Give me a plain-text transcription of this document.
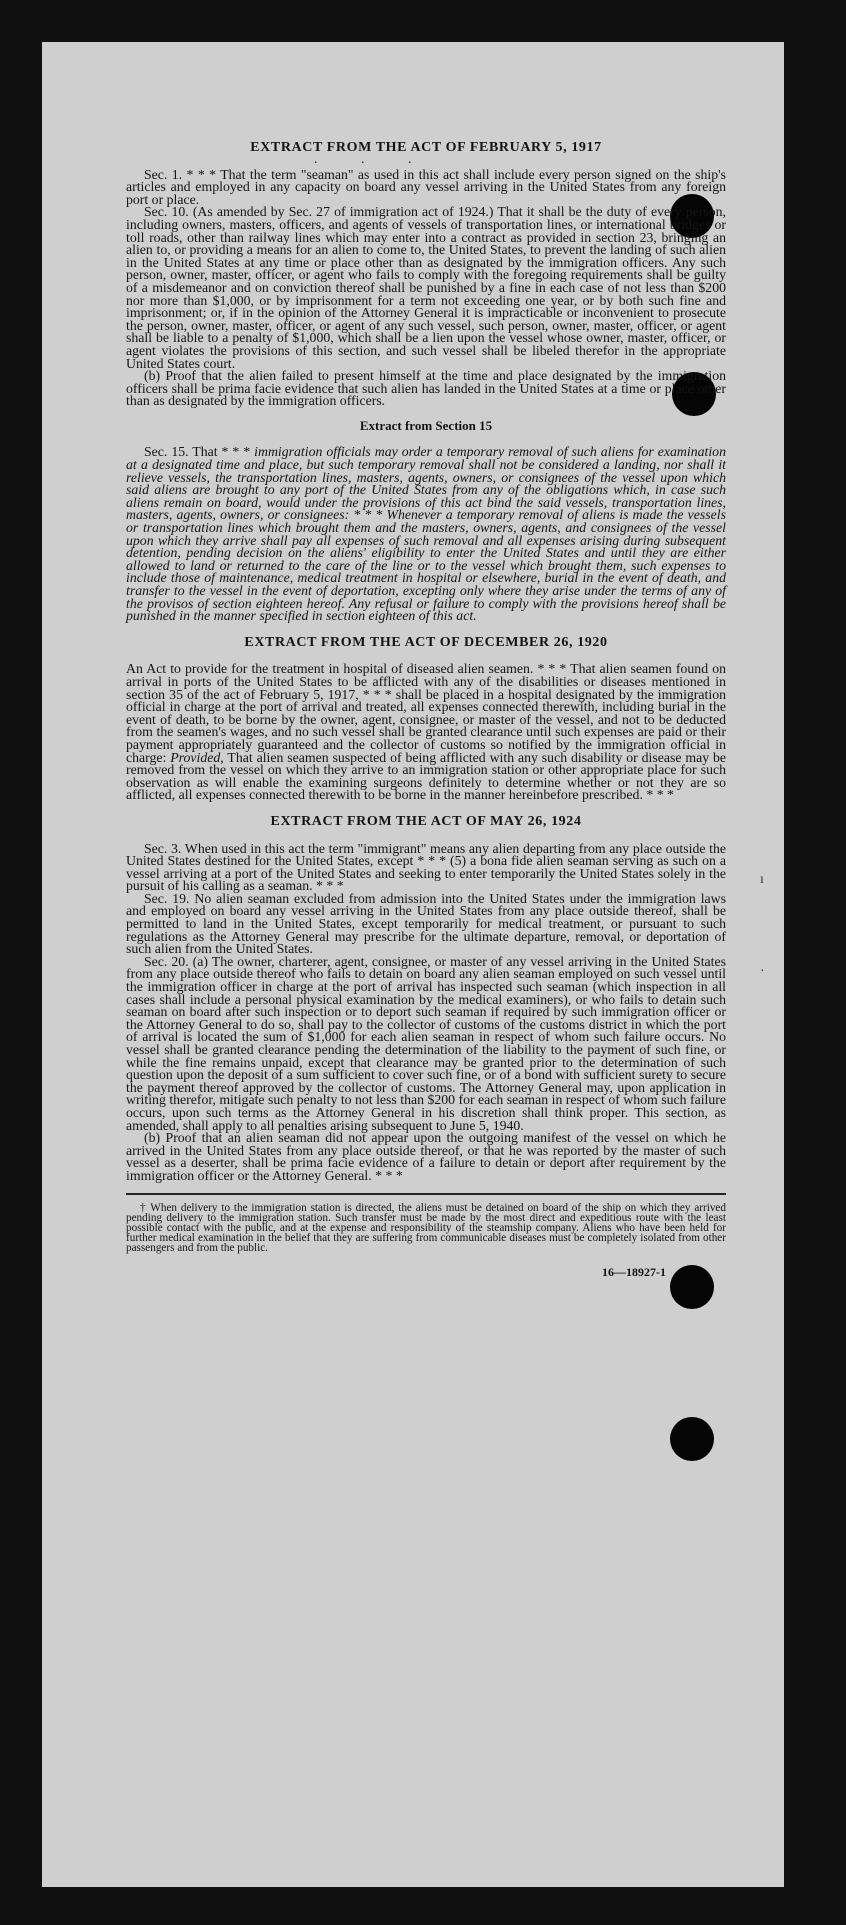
. . .
ı
·
EXTRACT FROM THE ACT OF FEBRUARY 5, 1917

Sec. 1. * * * That the term "seaman" as used in this act shall include every person signed on the ship's articles and employed in any capacity on board any vessel arriving in the United States from any foreign port or place.

Sec. 10. (As amended by Sec. 27 of immigration act of 1924.) That it shall be the duty of every person, including owners, masters, officers, and agents of vessels of transportation lines, or international bridges or toll roads, other than railway lines which may enter into a contract as provided in section 23, bringing an alien to, or providing a means for an alien to come to, the United States, to prevent the landing of such alien in the United States at any time or place other than as designated by the immigration officers. Any such person, owner, master, officer, or agent who fails to comply with the foregoing requirements shall be guilty of a misdemeanor and on conviction thereof shall be punished by a fine in each case of not less than $200 nor more than $1,000, or by imprisonment for a term not exceeding one year, or by both such fine and imprisonment; or, if in the opinion of the Attorney General it is impracticable or inconvenient to prosecute the person, owner, master, officer, or agent of any such vessel, such person, owner, master, officer, or agent shall be liable to a penalty of $1,000, which shall be a lien upon the vessel whose owner, master, officer, or agent violates the provisions of this section, and such vessel shall be libeled therefor in the appropriate United States court.

(b) Proof that the alien failed to present himself at the time and place designated by the immigration officers shall be prima facie evidence that such alien has landed in the United States at a time or place other than as designated by the immigration officers.

Extract from Section 15

Sec. 15. That * * * immigration officials may order a temporary removal of such aliens for examination at a designated time and place, but such temporary removal shall not be considered a landing, nor shall it relieve vessels, the transportation lines, masters, agents, owners, or consignees of the vessel upon which said aliens are brought to any port of the United States from any of the obligations which, in case such aliens remain on board, would under the provisions of this act bind the said vessels, transportation lines, masters, agents, owners, or consignees: * * * Whenever a temporary removal of aliens is made the vessels or transportation lines which brought them and the masters, owners, agents, and consignees of the vessel upon which they arrive shall pay all expenses of such removal and all expenses arising during subsequent detention, pending decision on the aliens' eligibility to enter the United States and until they are either allowed to land or returned to the care of the line or to the vessel which brought them, such expenses to include those of maintenance, medical treatment in hospital or elsewhere, burial in the event of death, and transfer to the vessel in the event of deportation, excepting only where they arise under the terms of any of the provisos of section eighteen hereof. Any refusal or failure to comply with the provisions hereof shall be punished in the manner specified in section eighteen of this act.

EXTRACT FROM THE ACT OF DECEMBER 26, 1920

An Act to provide for the treatment in hospital of diseased alien seamen. * * * That alien seamen found on arrival in ports of the United States to be afflicted with any of the disabilities or diseases mentioned in section 35 of the act of February 5, 1917, * * * shall be placed in a hospital designated by the immigration official in charge at the port of arrival and treated, all expenses connected therewith, including burial in the event of death, to be borne by the owner, agent, consignee, or master of the vessel, and not to be deducted from the seamen's wages, and no such vessel shall be granted clearance until such expenses are paid or their payment appropriately guaranteed and the collector of customs so notified by the immigration official in charge: Provided, That alien seamen suspected of being afflicted with any such disability or disease may be removed from the vessel on which they arrive to an immigration station or other appropriate place for such observation as will enable the examining surgeons definitely to determine whether or not they are so afflicted, all expenses connected therewith to be borne in the manner hereinbefore prescribed. * * *

EXTRACT FROM THE ACT OF MAY 26, 1924

Sec. 3. When used in this act the term "immigrant" means any alien departing from any place outside the United States destined for the United States, except * * * (5) a bona fide alien seaman serving as such on a vessel arriving at a port of the United States and seeking to enter temporarily the United States solely in the pursuit of his calling as a seaman. * * *

Sec. 19. No alien seaman excluded from admission into the United States under the immigration laws and employed on board any vessel arriving in the United States from any place outside thereof, shall be permitted to land in the United States, except temporarily for medical treatment, or pursuant to such regulations as the Attorney General may prescribe for the ultimate departure, removal, or deportation of such alien from the United States.

Sec. 20. (a) The owner, charterer, agent, consignee, or master of any vessel arriving in the United States from any place outside thereof who fails to detain on board any alien seaman employed on such vessel until the immigration officer in charge at the port of arrival has inspected such seaman (which inspection in all cases shall include a personal physical examination by the medical examiners), or who fails to detain such seaman on board after such inspection or to deport such seaman if required by such immigration officer or the Attorney General to do so, shall pay to the collector of customs of the customs district in which the port of arrival is located the sum of $1,000 for each alien seaman in respect of whom such failure occurs. No vessel shall be granted clearance pending the determination of the liability to the payment of such fine, or while the fine remains unpaid, except that clearance may be granted prior to the determination of such question upon the deposit of a sum sufficient to cover such fine, or of a bond with sufficient surety to secure the payment thereof approved by the collector of customs. The Attorney General may, upon application in writing therefor, mitigate such penalty to not less than $200 for each seaman in respect of whom such failure occurs, upon such terms as the Attorney General in his discretion shall think proper. This section, as amended, shall apply to all penalties arising subsequent to June 5, 1940.

(b) Proof that an alien seaman did not appear upon the outgoing manifest of the vessel on which he arrived in the United States from any place outside thereof, or that he was reported by the master of such vessel as a deserter, shall be prima facie evidence of a failure to detain or deport after requirement by the immigration officer or the Attorney General. * * *

† When delivery to the immigration station is directed, the aliens must be detained on board of the ship on which they arrived pending delivery to the immigration station. Such transfer must be made by the most direct and expeditious route with the least possible contact with the public, and at the expense and responsibility of the steamship company. Aliens who have been held for further medical examination in the belief that they are suffering from communicable diseases must be completely isolated from other passengers and from the public.
16—18927-1
